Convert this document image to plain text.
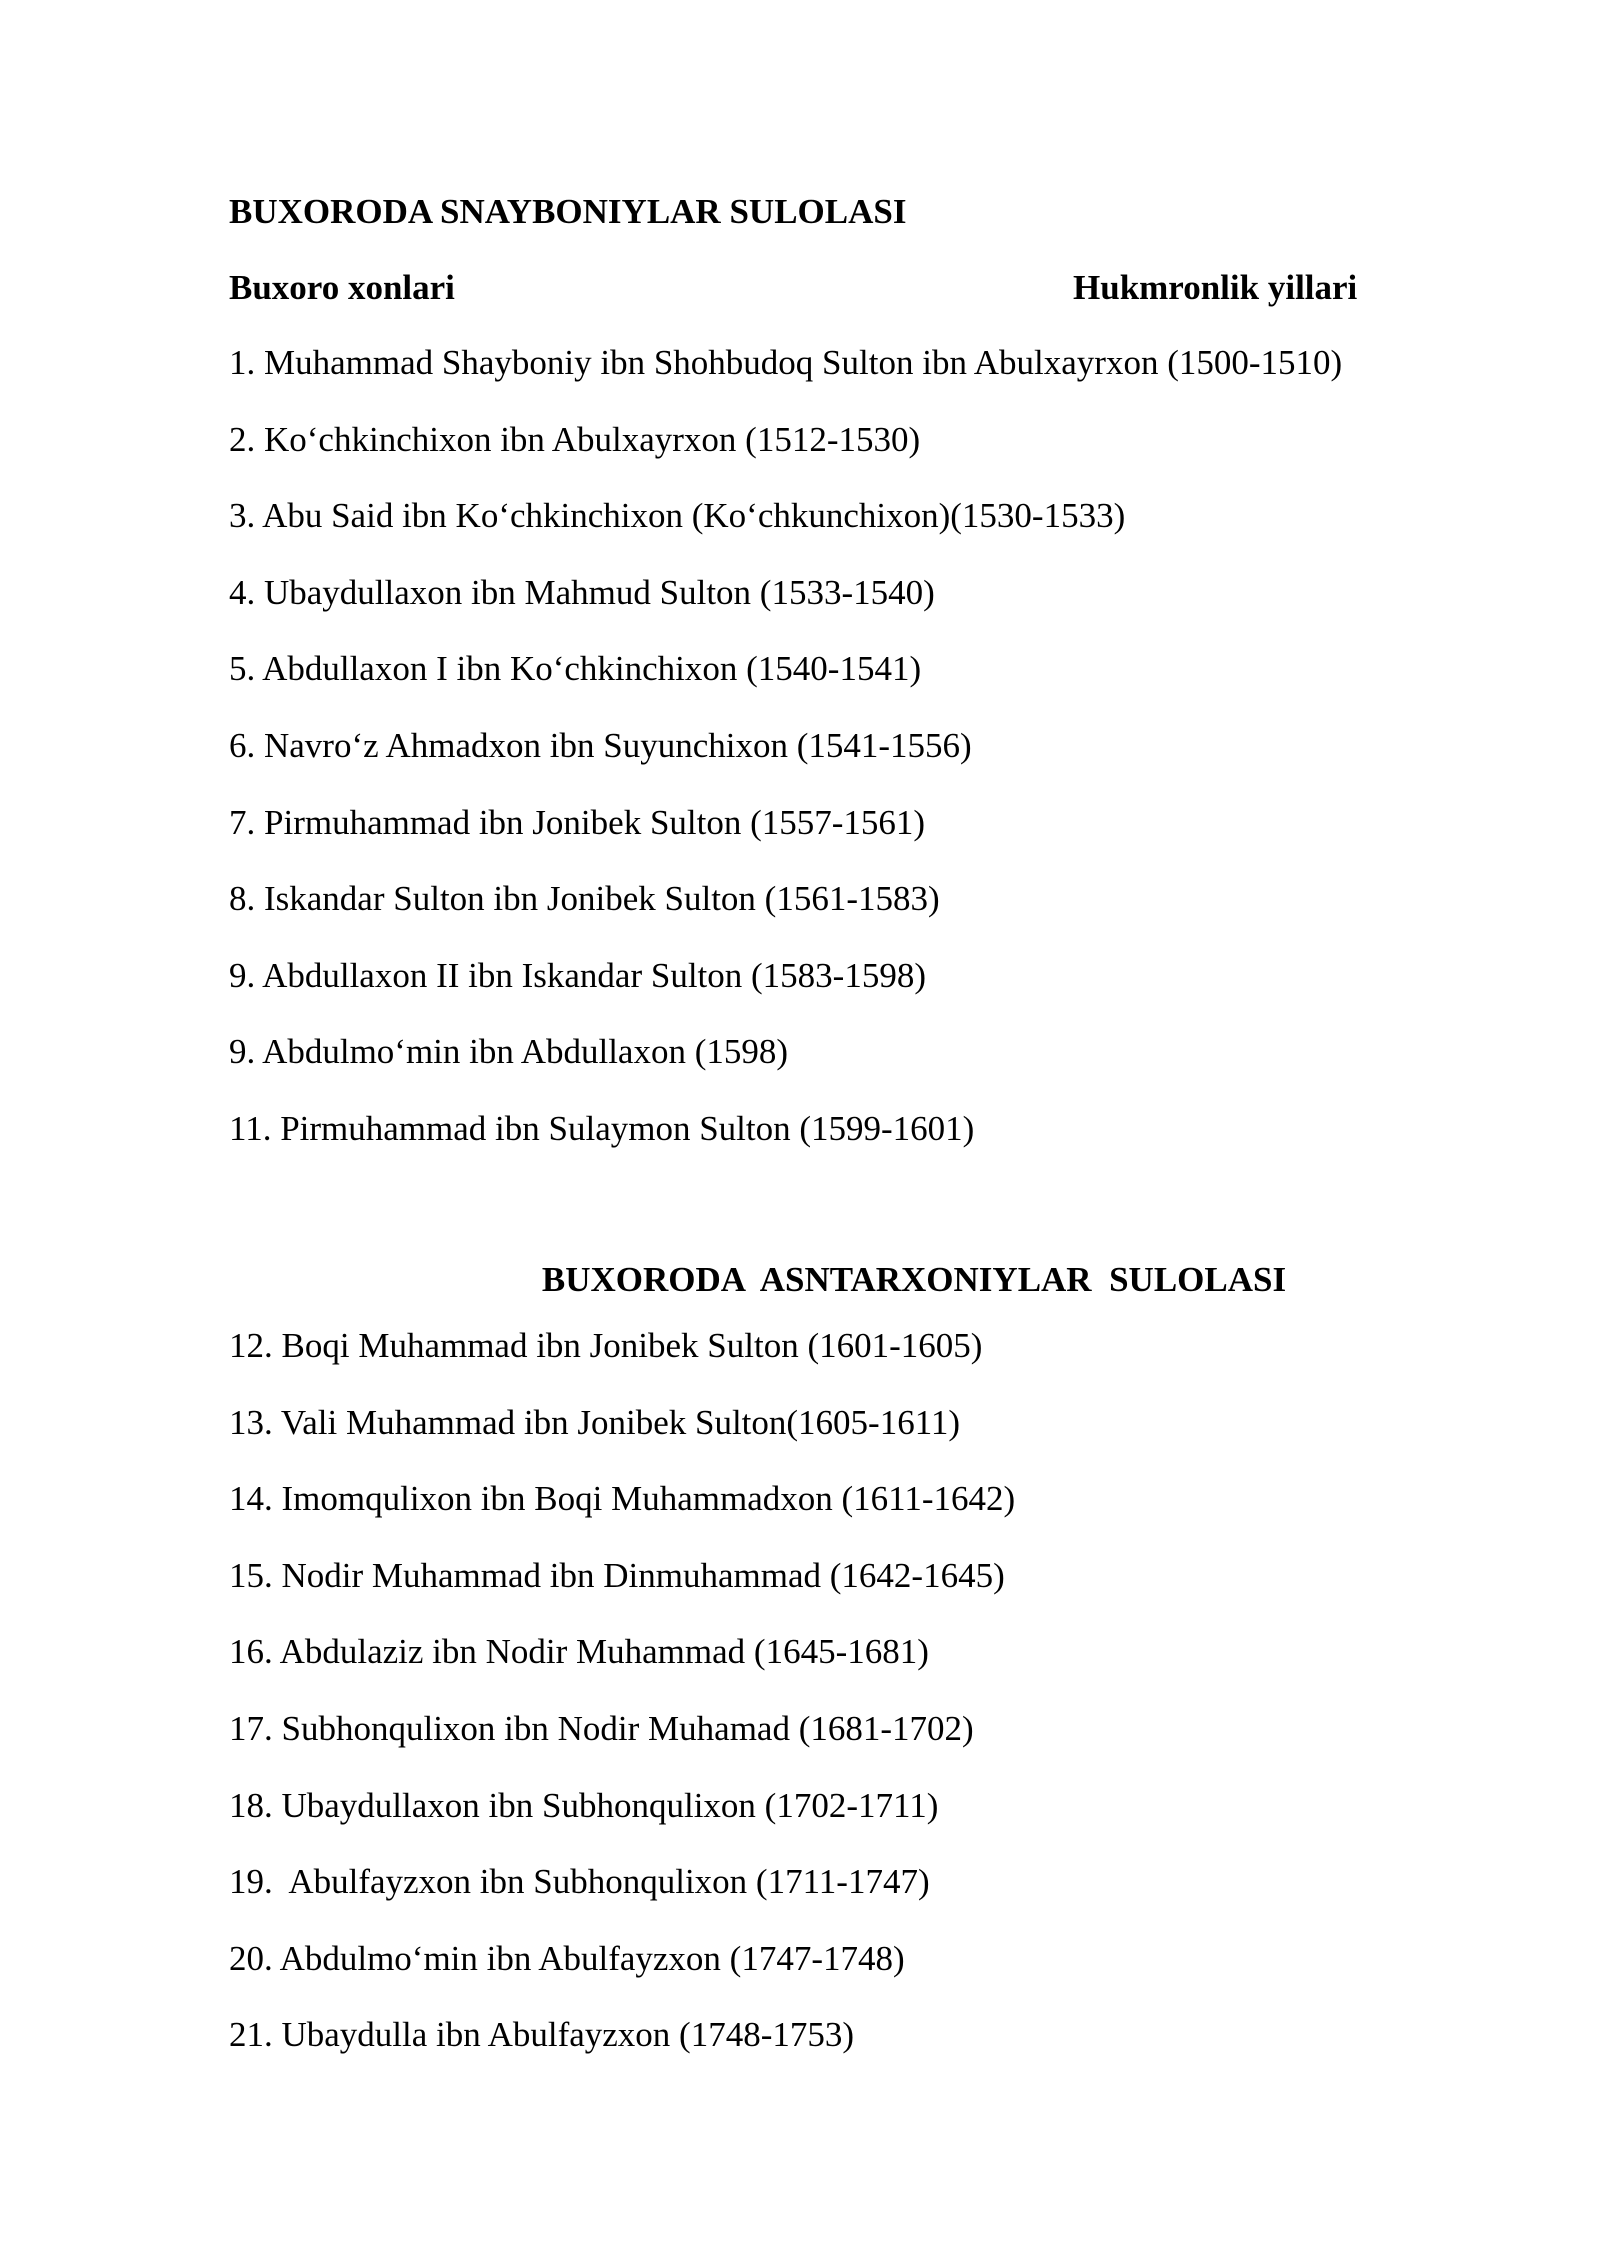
BUXORODA SNAYBONIYLAR SULOLASI
Buxoro xonlari	Hukmronlik yillari
1. Muhammad Shayboniy ibn Shohbudoq Sulton ibn Abulxayrxon (1500-1510)
2. Ko‘chkinchixon ibn Abulxayrxon (1512-1530)
3. Abu Said ibn Ko‘chkinchixon (Ko‘chkunchixon)(1530-1533)
4. Ubaydullaxon ibn Mahmud Sulton (1533-1540)
5. Abdullaxon I ibn Ko‘chkinchixon (1540-1541)
6. Navro‘z Ahmadxon ibn Suyunchixon (1541-1556)
7. Pirmuhammad ibn Jonibek Sulton (1557-1561)
8. Iskandar Sulton ibn Jonibek Sulton (1561-1583)
9. Abdullaxon II ibn Iskandar Sulton (1583-1598)
9. Abdulmo‘min ibn Abdullaxon (1598)
11. Pirmuhammad ibn Sulaymon Sulton (1599-1601)
BUXORODA  ASNTARXONIYLAR  SULOLASI
12. Boqi Muhammad ibn Jonibek Sulton (1601-1605)
13. Vali Muhammad ibn Jonibek Sulton(1605-1611)
14. Imomqulixon ibn Boqi Muhammadxon (1611-1642)
15. Nodir Muhammad ibn Dinmuhammad (1642-1645)
16. Abdulaziz ibn Nodir Muhammad (1645-1681)
17. Subhonqulixon ibn Nodir Muhamad (1681-1702)
18. Ubaydullaxon ibn Subhonqulixon (1702-1711)
19.  Abulfayzxon ibn Subhonqulixon (1711-1747)
20. Abdulmo‘min ibn Abulfayzxon (1747-1748)
21. Ubaydulla ibn Abulfayzxon (1748-1753)
